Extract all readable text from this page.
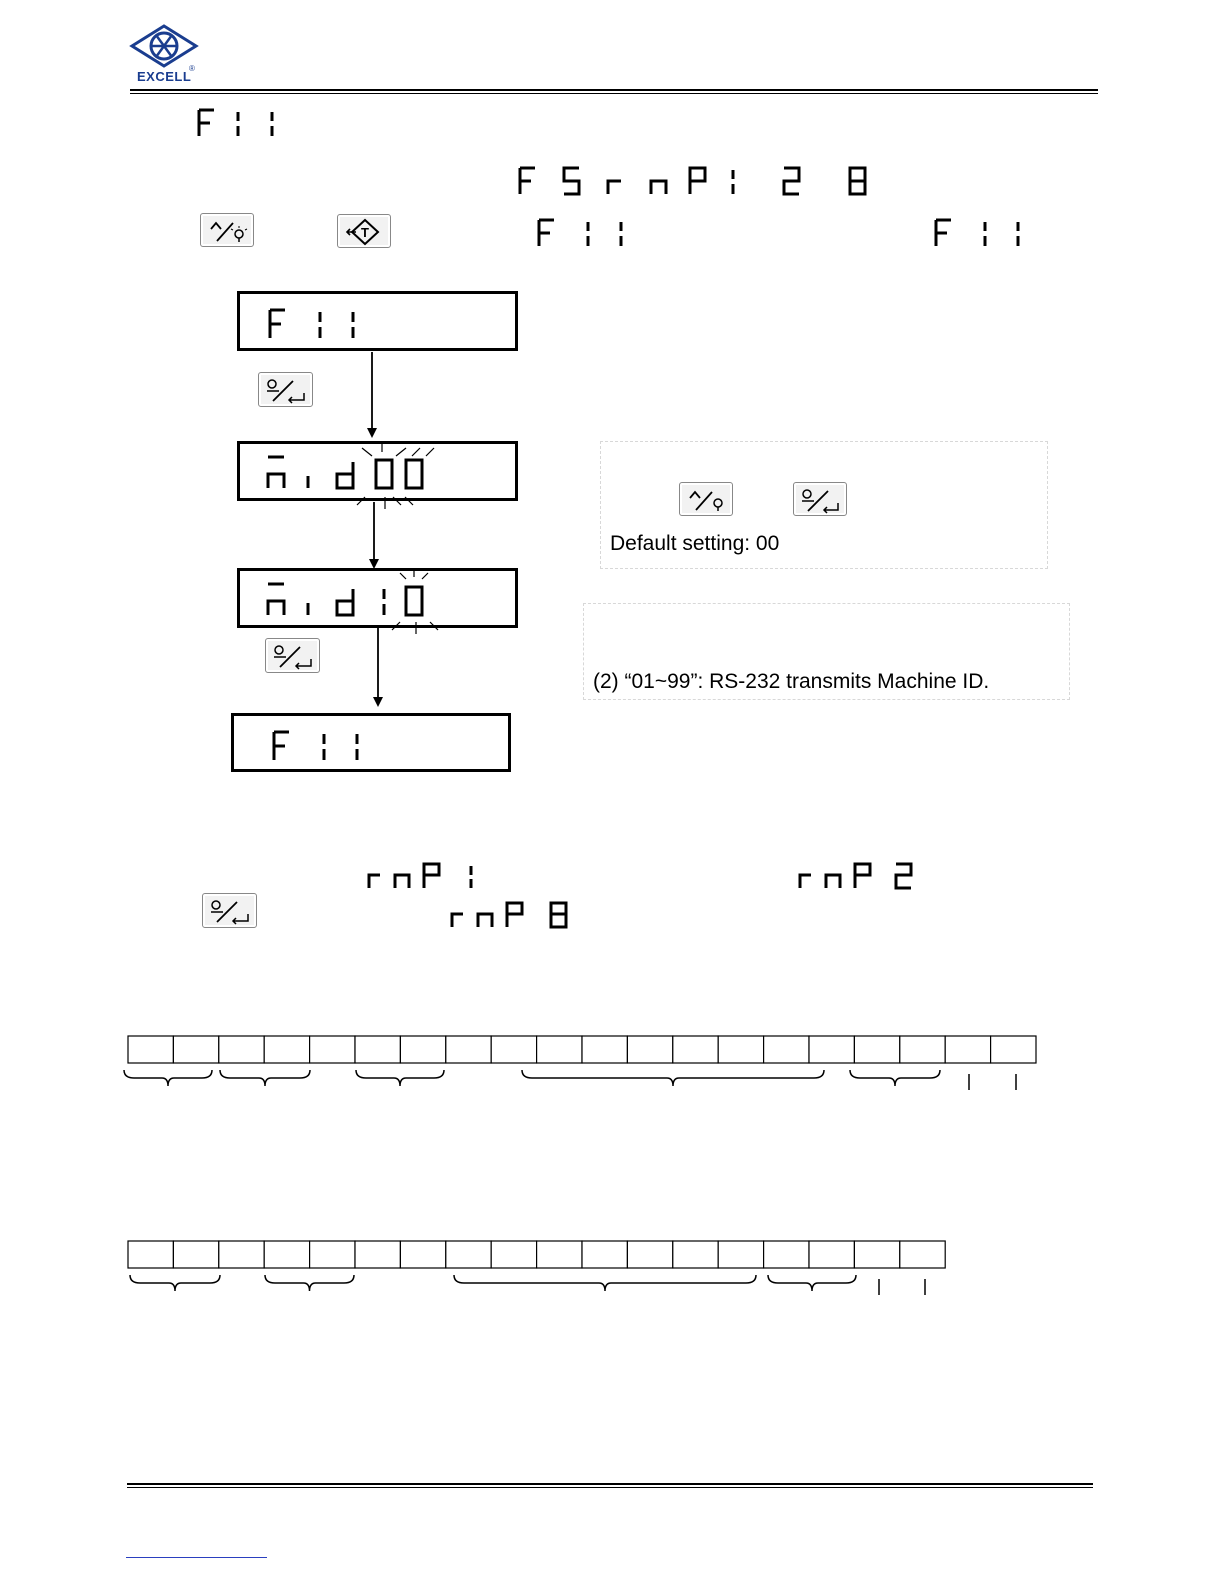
EXCELL
®
T
Default setting: 00
(2) “01~99”: RS-232 transmits Machine ID.
